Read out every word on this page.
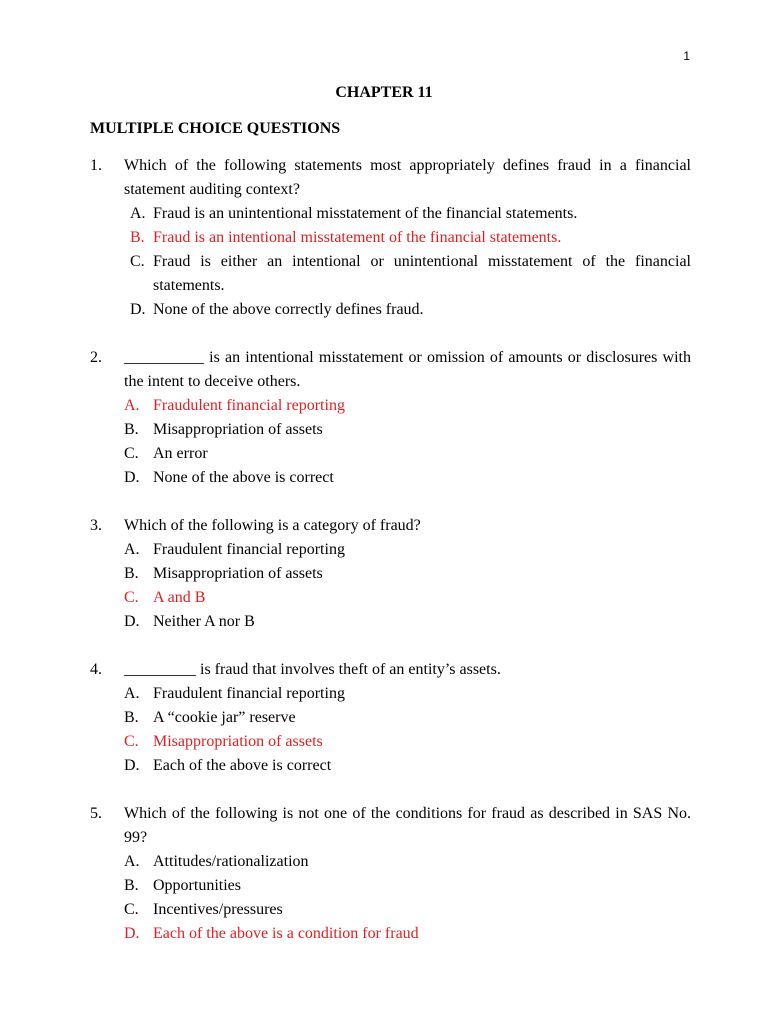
1
CHAPTER 11
MULTIPLE CHOICE QUESTIONS
1. Which of the following statements most appropriately defines fraud in a financial statement auditing context?
A. Fraud is an unintentional misstatement of the financial statements.
B. Fraud is an intentional misstatement of the financial statements.
C. Fraud is either an intentional or unintentional misstatement of the financial statements.
D. None of the above correctly defines fraud.
2. __________ is an intentional misstatement or omission of amounts or disclosures with the intent to deceive others.
A. Fraudulent financial reporting
B. Misappropriation of assets
C. An error
D. None of the above is correct
3. Which of the following is a category of fraud?
A. Fraudulent financial reporting
B. Misappropriation of assets
C. A and B
D. Neither A nor B
4. _________ is fraud that involves theft of an entity’s assets.
A. Fraudulent financial reporting
B. A “cookie jar” reserve
C. Misappropriation of assets
D. Each of the above is correct
5. Which of the following is not one of the conditions for fraud as described in SAS No. 99?
A. Attitudes/rationalization
B. Opportunities
C. Incentives/pressures
D. Each of the above is a condition for fraud
